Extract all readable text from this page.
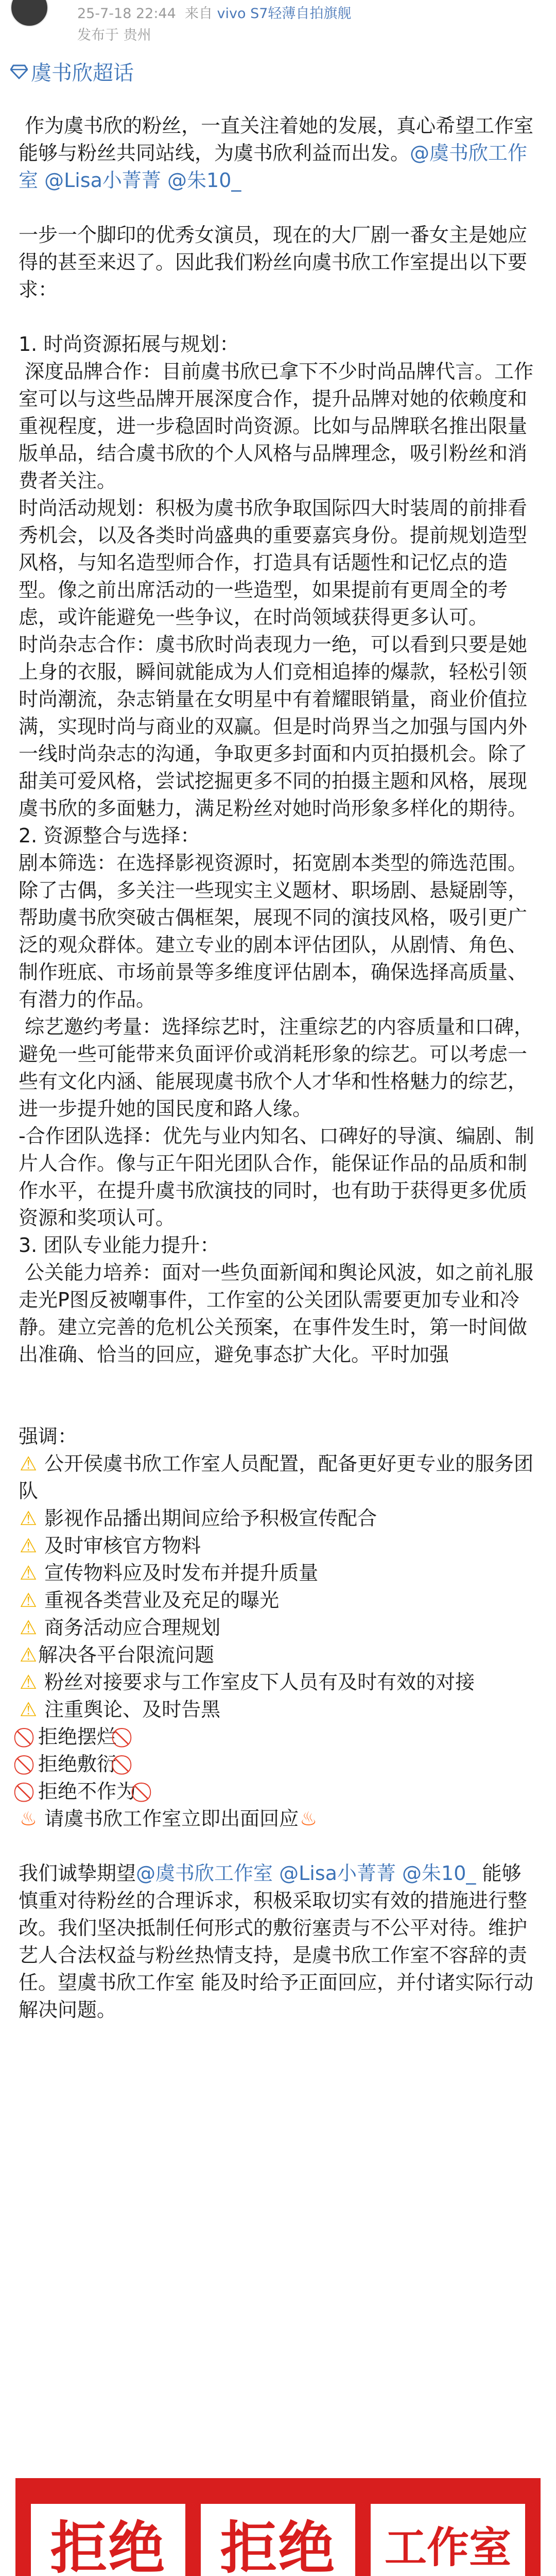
25-7-18 22:44 来自 vivo S7轻薄自拍旗舰
发布于 贵州
虞书欣超话

作为虞书欣的粉丝，一直关注着她的发展，真心希望工作室能够与粉丝共同站线，为虞书欣利益而出发。@虞书欣工作室 @Lisa小菁菁 @朱10_

一步一个脚印的优秀女演员，现在的大厂剧一番女主是她应得的甚至来迟了。因此我们粉丝向虞书欣工作室提出以下要求：

1. 时尚资源拓展与规划：

深度品牌合作：目前虞书欣已拿下不少时尚品牌代言。工作室可以与这些品牌开展深度合作，提升品牌对她的依赖度和重视程度，进一步稳固时尚资源。比如与品牌联名推出限量版单品，结合虞书欣的个人风格与品牌理念，吸引粉丝和消费者关注。

时尚活动规划：积极为虞书欣争取国际四大时装周的前排看秀机会，以及各类时尚盛典的重要嘉宾身份。提前规划造型风格，与知名造型师合作，打造具有话题性和记忆点的造型。像之前出席活动的一些造型，如果提前有更周全的考虑，或许能避免一些争议，在时尚领域获得更多认可。

时尚杂志合作：虞书欣时尚表现力一绝，可以看到只要是她上身的衣服，瞬间就能成为人们竞相追捧的爆款，轻松引领时尚潮流，杂志销量在女明星中有着耀眼销量，商业价值拉满，实现时尚与商业的双赢。但是时尚界当之加强与国内外一线时尚杂志的沟通，争取更多封面和内页拍摄机会。除了甜美可爱风格，尝试挖掘更多不同的拍摄主题和风格，展现虞书欣的多面魅力，满足粉丝对她时尚形象多样化的期待。

2. 资源整合与选择：

剧本筛选：在选择影视资源时，拓宽剧本类型的筛选范围。除了古偶，多关注一些现实主义题材、职场剧、悬疑剧等，帮助虞书欣突破古偶框架，展现不同的演技风格，吸引更广泛的观众群体。建立专业的剧本评估团队，从剧情、角色、制作班底、市场前景等多维度评估剧本，确保选择高质量、有潜力的作品。

综艺邀约考量：选择综艺时，注重综艺的内容质量和口碑，避免一些可能带来负面评价或消耗形象的综艺。可以考虑一些有文化内涵、能展现虞书欣个人才华和性格魅力的综艺，进一步提升她的国民度和路人缘。

-合作团队选择：优先与业内知名、口碑好的导演、编剧、制片人合作。像与正午阳光团队合作，能保证作品的品质和制作水平，在提升虞书欣演技的同时，也有助于获得更多优质资源和奖项认可。

3. 团队专业能力提升：

公关能力培养：面对一些负面新闻和舆论风波，如之前礼服走光P图反被嘲事件，工作室的公关团队需要更加专业和冷静。建立完善的危机公关预案，在事件发生时，第一时间做出准确、恰当的回应，避免事态扩大化。平时加强

强调：

⚠ 公开侯虞书欣工作室人员配置，配备更好更专业的服务团队

⚠ 影视作品播出期间应给予积极宣传配合

⚠ 及时审核官方物料

⚠ 宣传物料应及时发布并提升质量

⚠ 重视各类营业及充足的曝光

⚠ 商务活动应合理规划

⚠解决各平台限流问题

⚠ 粉丝对接要求与工作室皮下人员有及时有效的对接

⚠ 注重舆论、及时告黑

拒绝摆烂

拒绝敷衍

拒绝不作为

♨ 请虞书欣工作室立即出面回应♨

我们诚挚期望@虞书欣工作室 @Lisa小菁菁 @朱10_ 能够慎重对待粉丝的合理诉求，积极采取切实有效的措施进行整改。我们坚决抵制任何形式的敷衍塞责与不公平对待。维护艺人合法权益与粉丝热情支持，是虞书欣工作室不容辞的责任。望虞书欣工作室 能及时给予正面回应，并付诸实际行动解决问题。

拒绝 拒绝 工作室
